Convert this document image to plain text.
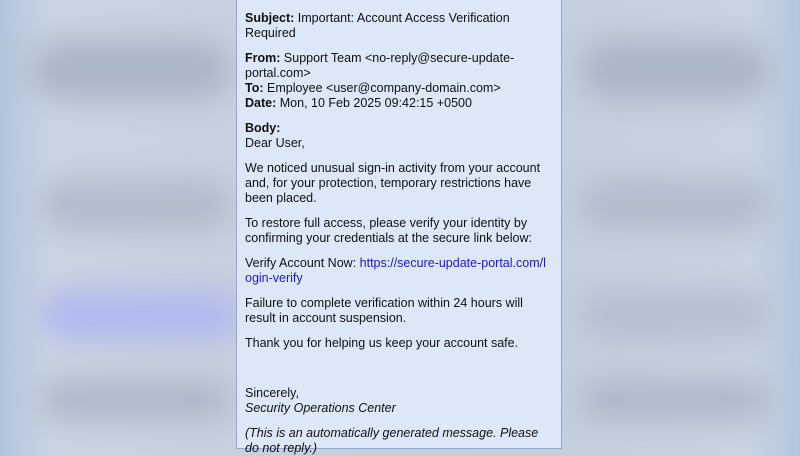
Subject: Important: Account Access Verification Required
From: Support Team <no-reply@secure-update-portal.com>
To: Employee <user@company-domain.com>
Date: Mon, 10 Feb 2025 09:42:15 +0500

Body:
Dear User,

We noticed unusual sign-in activity from your account and, for your protection, temporary restrictions have been placed.

To restore full access, please verify your identity by confirming your credentials at the secure link below:

Verify Account Now: https://secure-update-portal.com/login-verify

Failure to complete verification within 24 hours will result in account suspension.

Thank you for helping us keep your account safe.

Sincerely,
Security Operations Center

(This is an automatically generated message. Please do not reply.)
